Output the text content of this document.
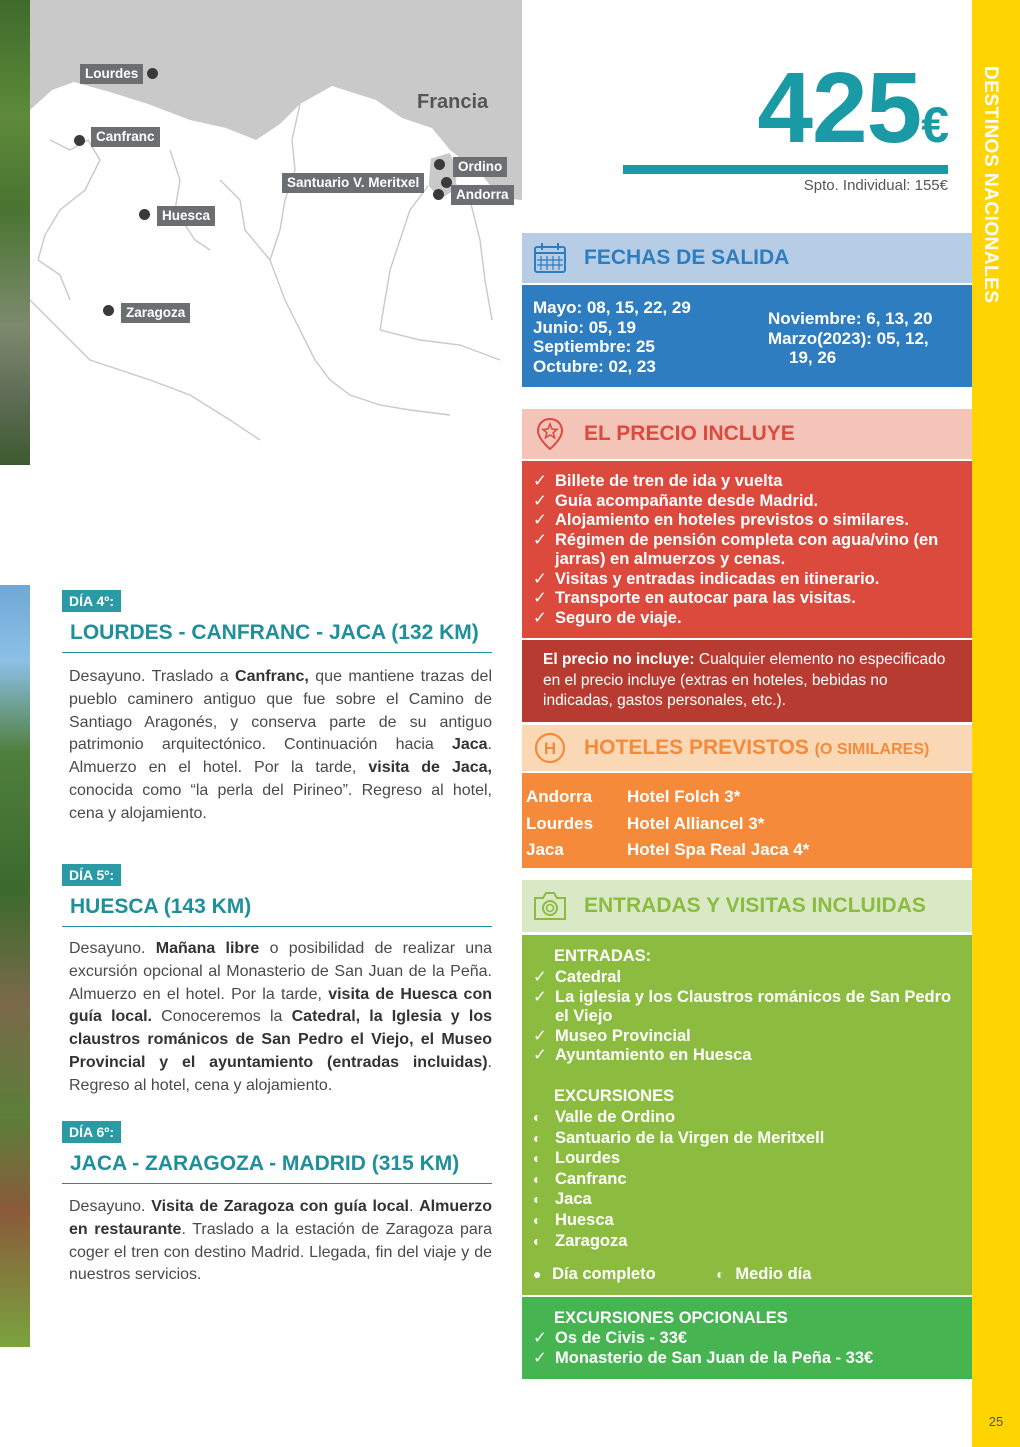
Francia
Lourdes
Canfranc
Huesca
Zaragoza
Santuario V. Meritxel
Ordino
Andorra
DÍA 4º:
LOURDES - CANFRANC - JACA (132 KM)
Desayuno. Traslado a Canfranc, que mantiene trazas del pueblo caminero antiguo que fue sobre el Camino de Santiago Aragonés, y conserva parte de su antiguo patrimonio arquitectónico. Continuación hacia Jaca. Almuerzo en el hotel. Por la tarde, visita de Jaca, conocida como “la perla del Pirineo”. Regreso al hotel, cena y alojamiento.
DÍA 5º:
HUESCA (143 KM)
Desayuno. Mañana libre o posibilidad de realizar una excursión opcional al Monasterio de San Juan de la Peña. Almuerzo en el hotel. Por la tarde, visita de Huesca con guía local. Conoceremos la Catedral, la Iglesia y los claustros románicos de San Pedro el Viejo, el Museo Provincial y el ayuntamiento (entradas incluidas). Regreso al hotel, cena y alojamiento.
DÍA 6º:
JACA - ZARAGOZA - MADRID (315 KM)
Desayuno. Visita de Zaragoza con guía local. Almuerzo en restaurante. Traslado a la estación de Zaragoza para coger el tren con destino Madrid. Llegada, fin del viaje y de nuestros servicios.
425€
Spto. Individual: 155€
FECHAS DE SALIDA
Mayo: 08, 15, 22, 29
Junio: 05, 19
Septiembre: 25
Octubre: 02, 23
Noviembre: 6, 13, 20
Marzo(2023): 05, 12,
19, 26
EL PRECIO INCLUYE
✓ Billete de tren de ida y vuelta
✓ Guía acompañante desde Madrid.
✓ Alojamiento en hoteles previstos o similares.
✓ Régimen de pensión completa con agua/vino (en jarras) en almuerzos y cenas.
✓ Visitas y entradas indicadas en itinerario.
✓ Transporte en autocar para las visitas.
✓ Seguro de viaje.
El precio no incluye: Cualquier elemento no especificado en el precio incluye (extras en hoteles, bebidas no indicadas, gastos personales, etc.).
H HOTELES PREVISTOS (O SIMILARES)
Andorra Hotel Folch 3*
Lourdes Hotel Alliancel 3*
Jaca	Hotel Spa Real Jaca 4*
ENTRADAS Y VISITAS INCLUIDAS
ENTRADAS:
✓ Catedral
✓ La iglesia y los Claustros románicos de San Pedro el Viejo
✓ Museo Provincial
✓ Ayuntamiento en Huesca
EXCURSIONES
◐ Valle de Ordino
◐ Santuario de la Virgen de Meritxell
◐ Lourdes
◐ Canfranc
◐ Jaca
◐ Huesca
◐ Zaragoza
● Día completo	◐ Medio día
EXCURSIONES OPCIONALES
✓ Os de Civis - 33€
✓ Monasterio de San Juan de la Peña - 33€
DESTINOS NACIONALES
25
